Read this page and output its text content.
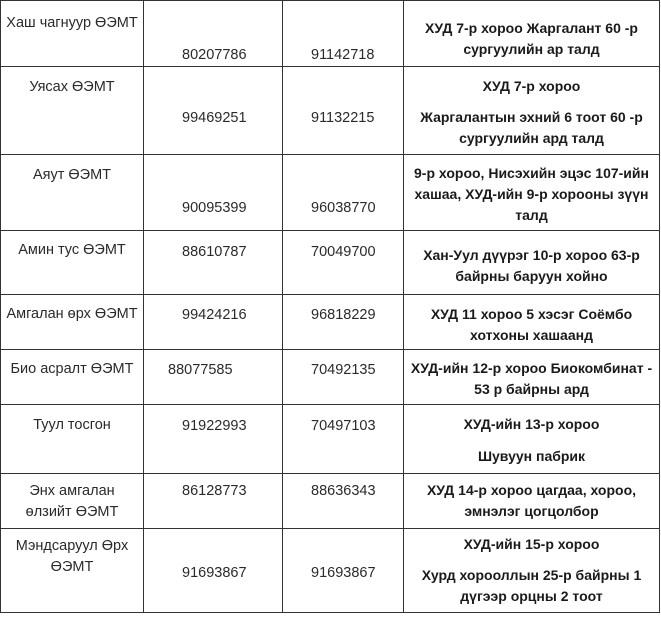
Хаш чагнуур ӨЭМТ	80207786	91142718	ХУД 7-р хороо Жаргалант 60 -р сургуулийн ар талд

Уясах ӨЭМТ	99469251	91132215	ХУД 7-р хороо

Жаргалантын эхний 6 тоот 60 -р сургуулийн ард талд

Аяут ӨЭМТ	90095399	96038770	9-р хороо, Нисэхийн эцэс 107-ийн хашаа, ХУД-ийн 9-р хорооны зүүн талд

Амин тус ӨЭМТ	88610787	70049700	Хан-Уул дүүрэг 10-р хороо 63-р байрны баруун хойно

Амгалан өрх ӨЭМТ	99424216	96818229	ХУД 11 хороо 5 хэсэг Соёмбо хотхоны хашаанд

Био асралт ӨЭМТ	88077585	70492135	ХУД-ийн 12-р хороо Биокомбинат - 53 р байрны ард

Туул тосгон	91922993	70497103	ХУД-ийн 13-р хороо

Шувуун пабрик

Энх амгалан өлзийт ӨЭМТ	86128773	88636343	ХУД 14-р хороо цагдаа, хороо, эмнэлэг цогцолбор

Мэндсаруул Өрх ӨЭМТ	91693867	91693867	ХУД-ийн 15-р хороо

Хурд хорооллын 25-р байрны 1 дүгээр орцны 2 тоот
